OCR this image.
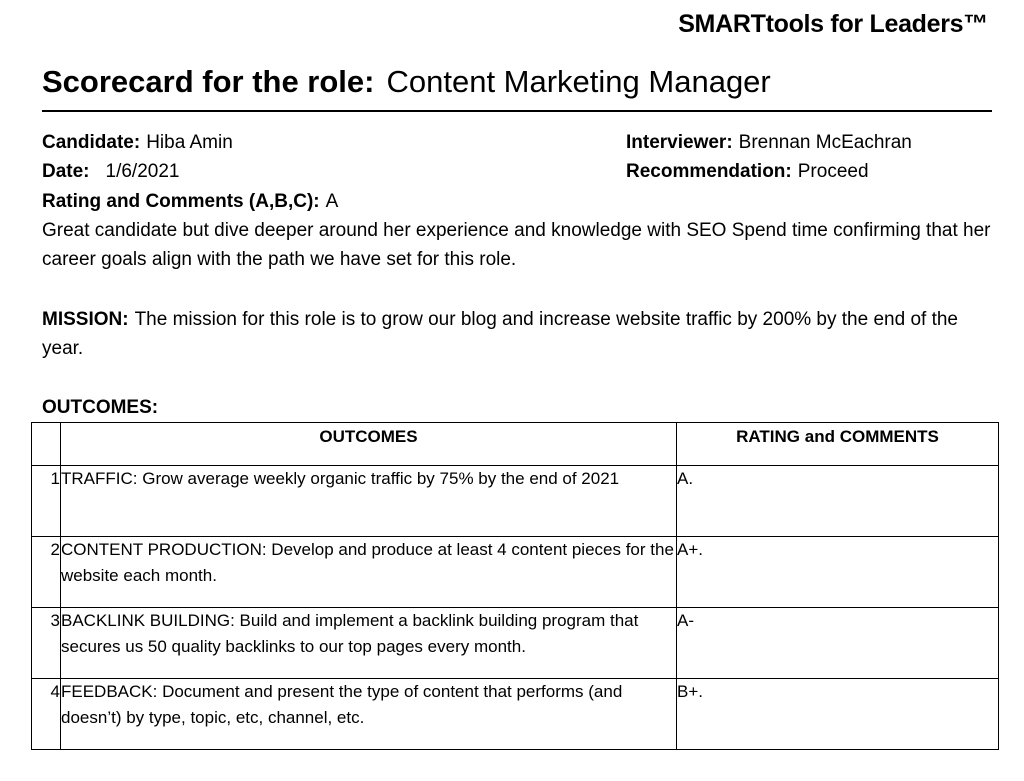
SMARTtools for Leaders™
Scorecard for the role: Content Marketing Manager
Candidate: Hiba Amin
Date: 1/6/2021
Interviewer: Brennan McEachran
Recommendation: Proceed
Rating and Comments (A,B,C): A
Great candidate but dive deeper around her experience and knowledge with SEO Spend time confirming that her career goals align with the path we have set for this role.
MISSION: The mission for this role is to grow our blog and increase website traffic by 200% by the end of the year.
OUTCOMES:
	OUTCOMES	RATING and COMMENTS
1	TRAFFIC: Grow average weekly organic traffic by 75% by the end of 2021	A.
2	CONTENT PRODUCTION: Develop and produce at least 4 content pieces for the website each month.	A+.
3	BACKLINK BUILDING: Build and implement a backlink building program that secures us 50 quality backlinks to our top pages every month.	A-
4	FEEDBACK: Document and present the type of content that performs (and doesn’t) by type, topic, etc, channel, etc.	B+.
